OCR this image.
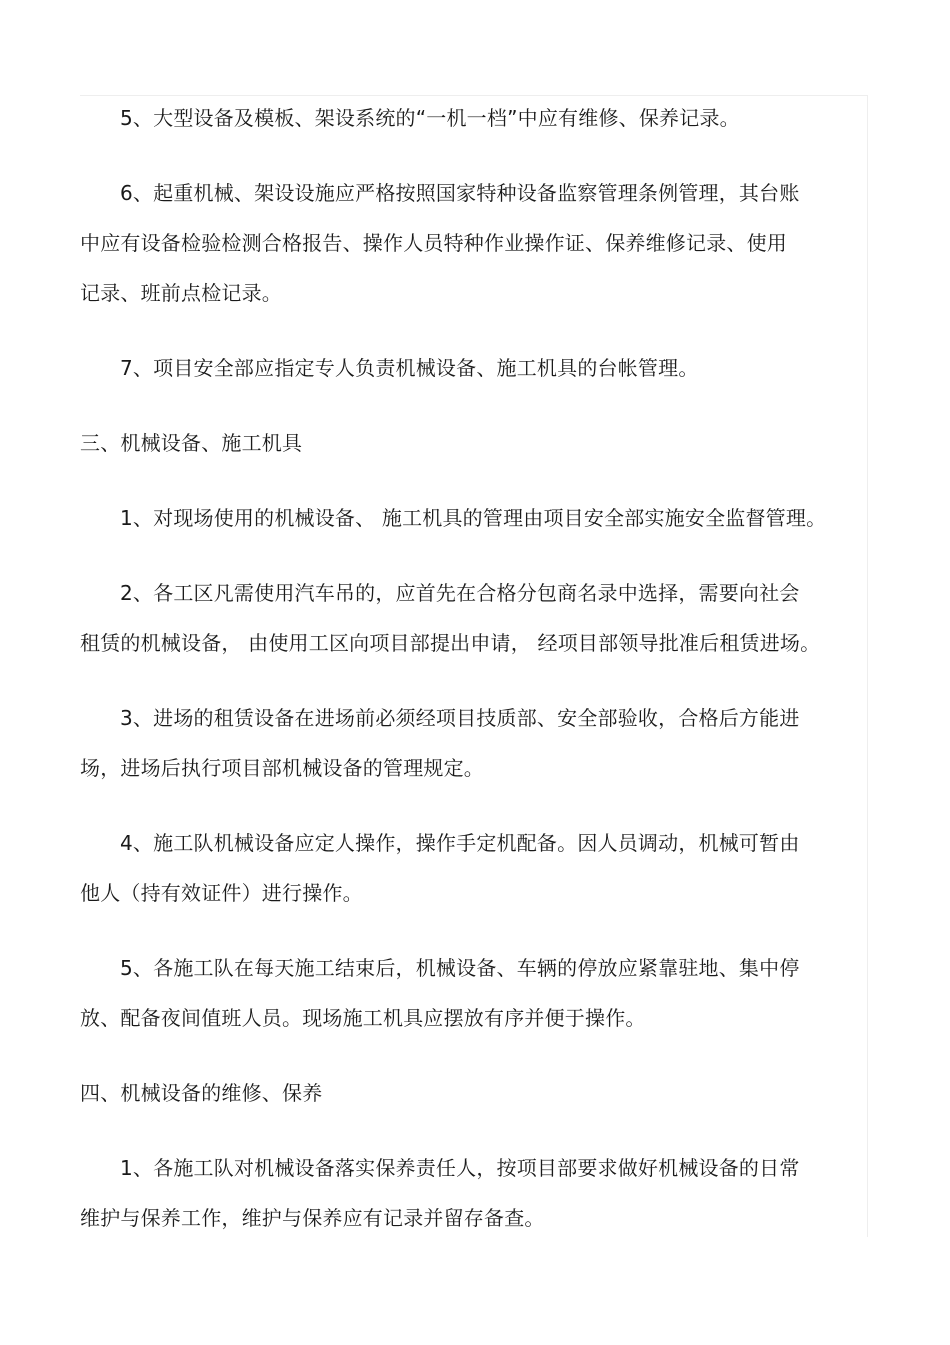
5、大型设备及模板、架设系统的“一机一档”中应有维修、保养记录。
6、起重机械、架设设施应严格按照国家特种设备监察管理条例管理，其台账
中应有设备检验检测合格报告、操作人员特种作业操作证、保养维修记录、使用
记录、班前点检记录。
7、项目安全部应指定专人负责机械设备、施工机具的台帐管理。
三、机械设备、施工机具
1、对现场使用的机械设备、 施工机具的管理由项目安全部实施安全监督管理。
2、各工区凡需使用汽车吊的，应首先在合格分包商名录中选择，需要向社会
租赁的机械设备， 由使用工区向项目部提出申请， 经项目部领导批准后租赁进场。
3、进场的租赁设备在进场前必须经项目技质部、安全部验收，合格后方能进
场，进场后执行项目部机械设备的管理规定。
4、施工队机械设备应定人操作，操作手定机配备。因人员调动，机械可暂由
他人（持有效证件）进行操作。
5、各施工队在每天施工结束后，机械设备、车辆的停放应紧靠驻地、集中停
放、配备夜间值班人员。现场施工机具应摆放有序并便于操作。
四、机械设备的维修、保养
1、各施工队对机械设备落实保养责任人，按项目部要求做好机械设备的日常
维护与保养工作，维护与保养应有记录并留存备查。
